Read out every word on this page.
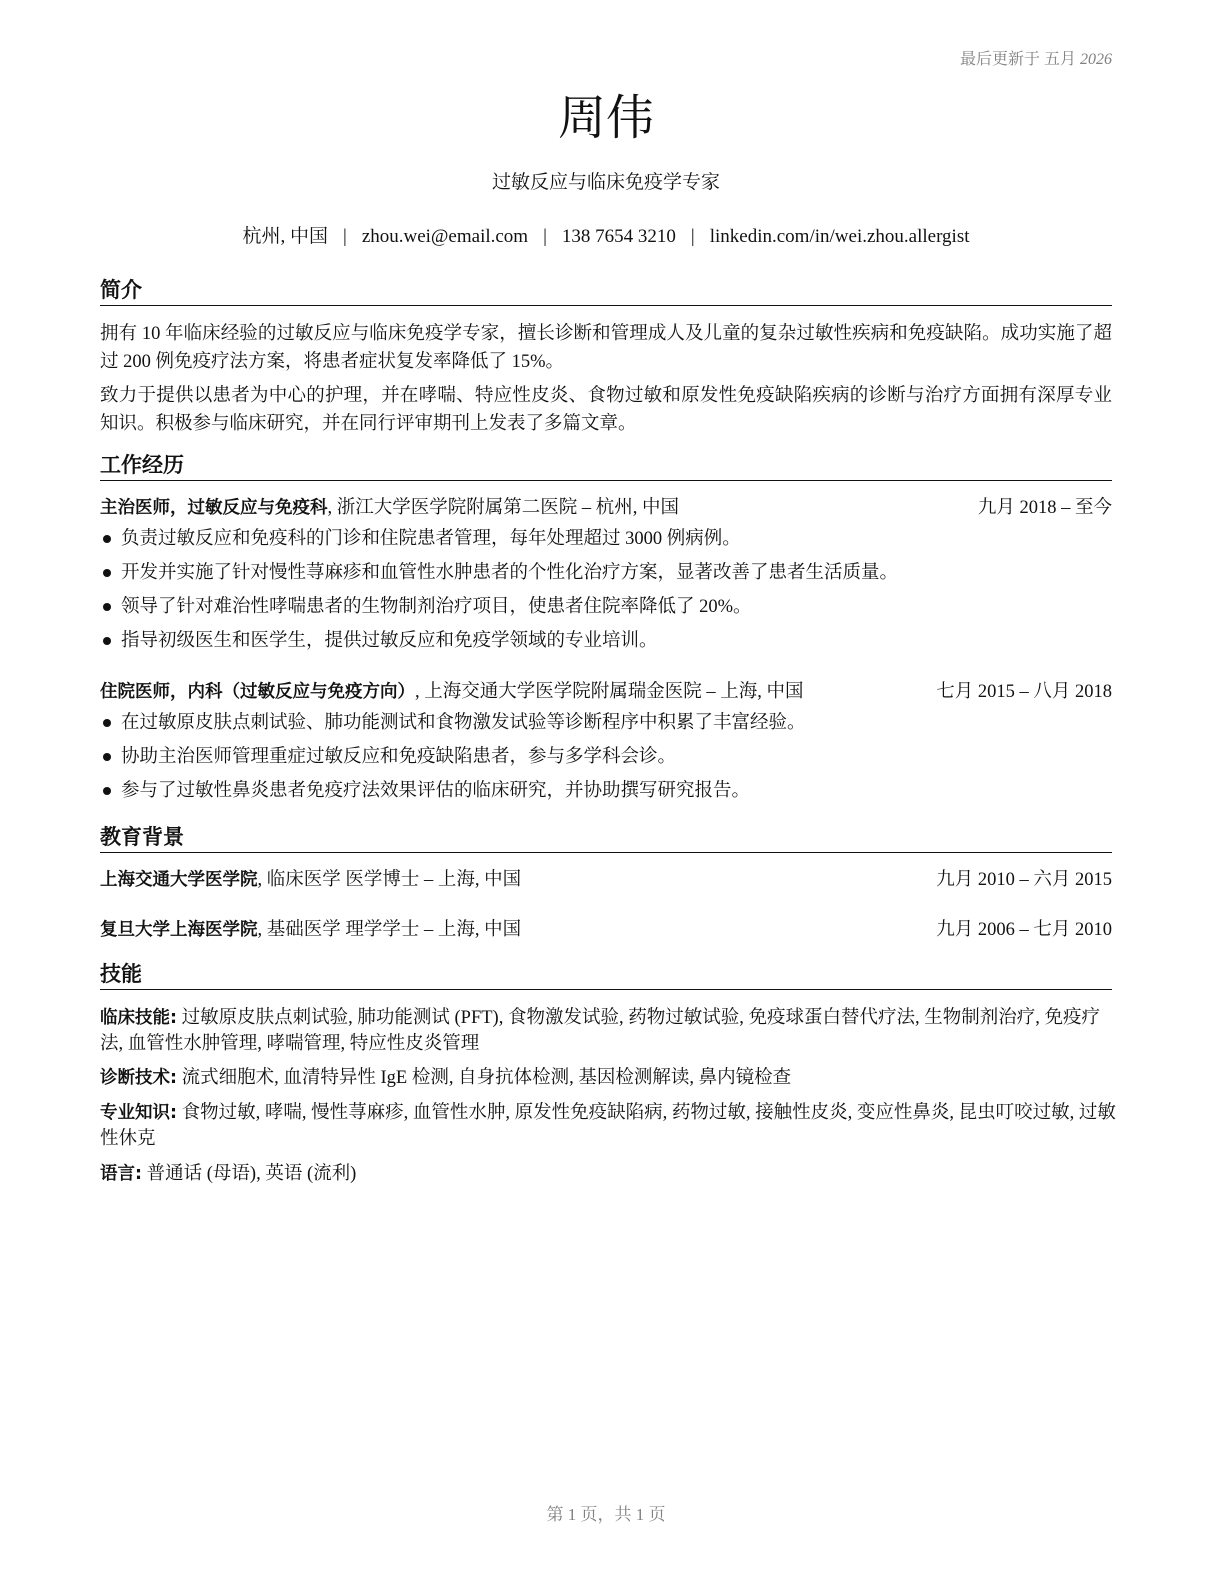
最后更新于 五月 2026
周伟
过敏反应与临床免疫学专家
杭州, 中国 | zhou.wei@email.com | 138 7654 3210 | linkedin.com/in/wei.zhou.allergist
简介
拥有 10 年临床经验的过敏反应与临床免疫学专家，擅长诊断和管理成人及儿童的复杂过敏性疾病和免疫缺陷。成功实施了超过 200 例免疫疗法方案，将患者症状复发率降低了 15%。
致力于提供以患者为中心的护理，并在哮喘、特应性皮炎、食物过敏和原发性免疫缺陷疾病的诊断与治疗方面拥有深厚专业知识。积极参与临床研究，并在同行评审期刊上发表了多篇文章。
工作经历
主治医师，过敏反应与免疫科, 浙江大学医学院附属第二医院 – 杭州, 中国	九月 2018 – 至今
负责过敏反应和免疫科的门诊和住院患者管理，每年处理超过 3000 例病例。
开发并实施了针对慢性荨麻疹和血管性水肿患者的个性化治疗方案，显著改善了患者生活质量。
领导了针对难治性哮喘患者的生物制剂治疗项目，使患者住院率降低了 20%。
指导初级医生和医学生，提供过敏反应和免疫学领域的专业培训。
住院医师，内科（过敏反应与免疫方向）, 上海交通大学医学院附属瑞金医院 – 上海, 中国	七月 2015 – 八月 2018
在过敏原皮肤点刺试验、肺功能测试和食物激发试验等诊断程序中积累了丰富经验。
协助主治医师管理重症过敏反应和免疫缺陷患者，参与多学科会诊。
参与了过敏性鼻炎患者免疫疗法效果评估的临床研究，并协助撰写研究报告。
教育背景
上海交通大学医学院, 临床医学 医学博士 – 上海, 中国	九月 2010 – 六月 2015
复旦大学上海医学院, 基础医学 理学学士 – 上海, 中国	九月 2006 – 七月 2010
技能
临床技能: 过敏原皮肤点刺试验, 肺功能测试 (PFT), 食物激发试验, 药物过敏试验, 免疫球蛋白替代疗法, 生物制剂治疗, 免疫疗法, 血管性水肿管理, 哮喘管理, 特应性皮炎管理
诊断技术: 流式细胞术, 血清特异性 IgE 检测, 自身抗体检测, 基因检测解读, 鼻内镜检查
专业知识: 食物过敏, 哮喘, 慢性荨麻疹, 血管性水肿, 原发性免疫缺陷病, 药物过敏, 接触性皮炎, 变应性鼻炎, 昆虫叮咬过敏, 过敏性休克
语言: 普通话 (母语), 英语 (流利)
第 1 页，共 1 页
